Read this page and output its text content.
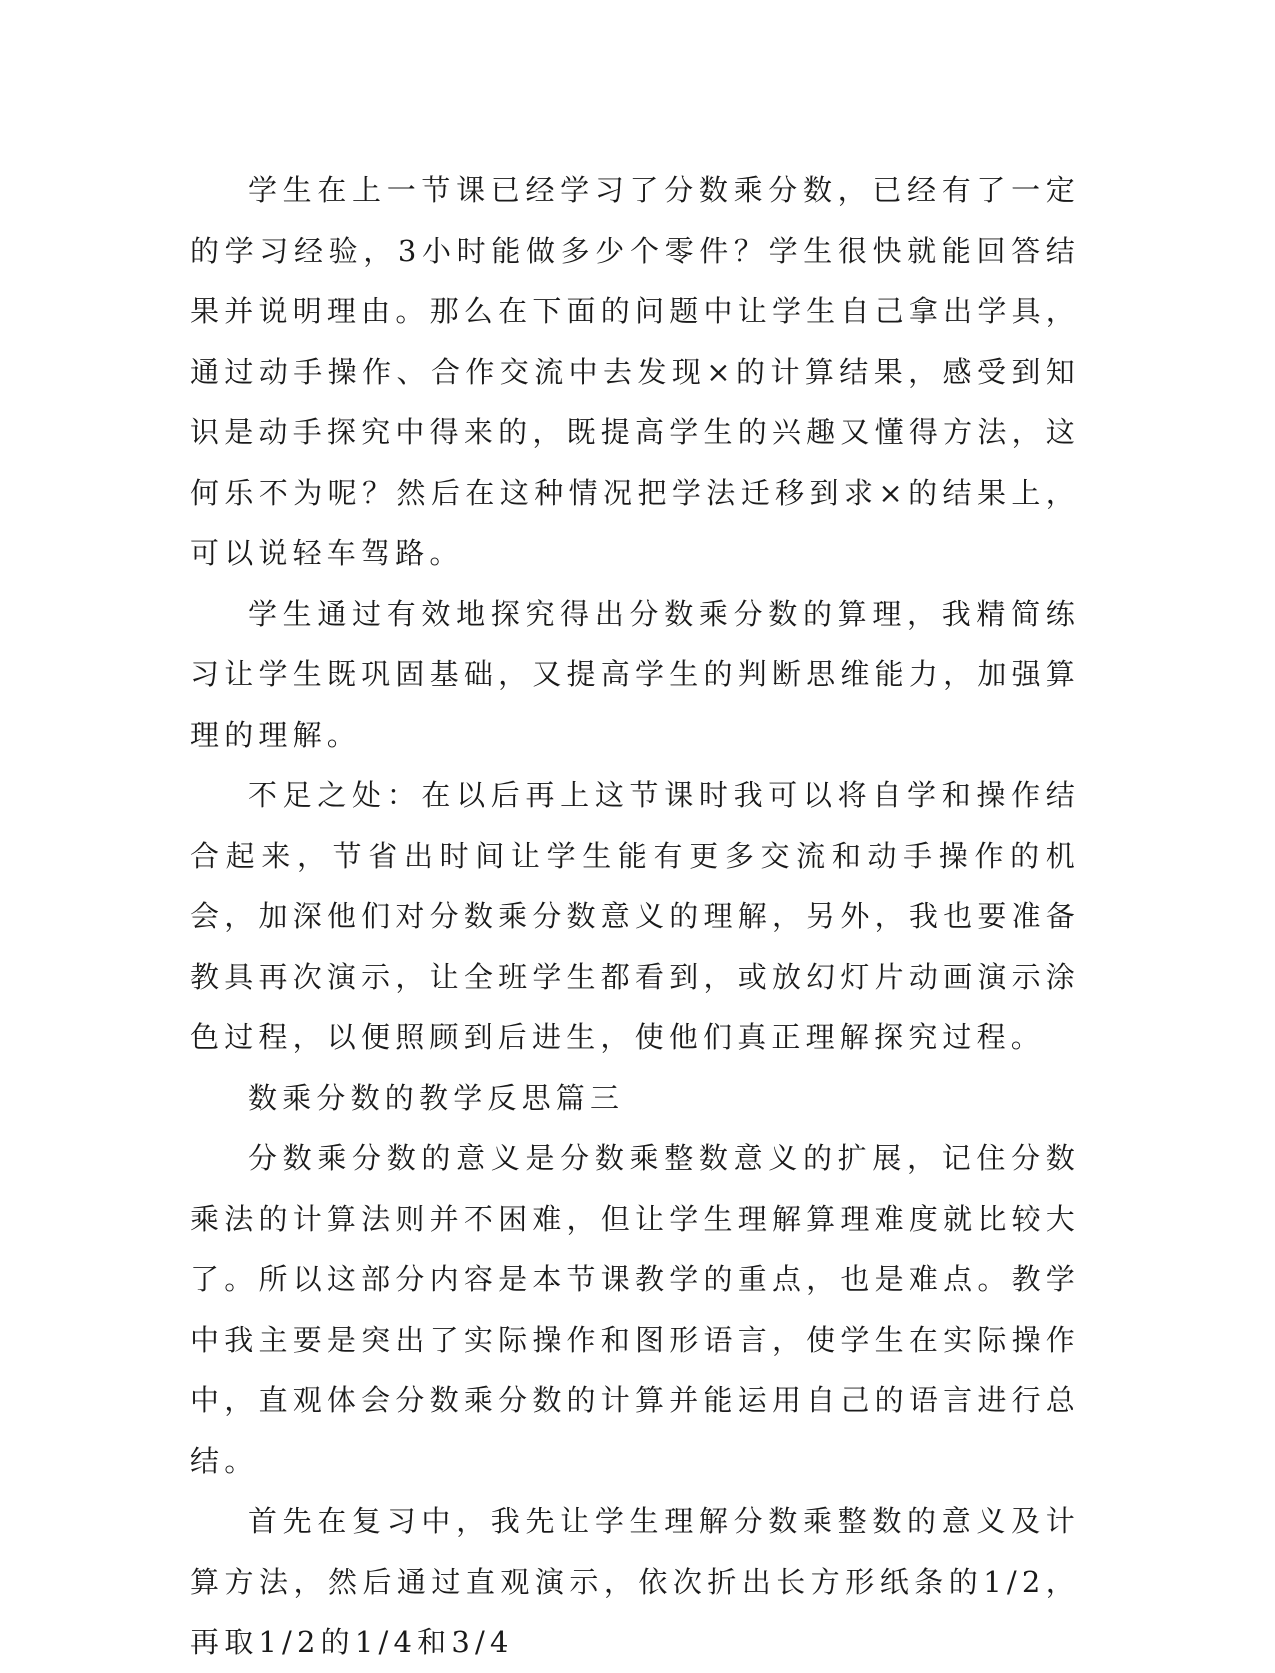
学生在上一节课已经学习了分数乘分数，已经有了一定的学习经验，3小时能做多少个零件？学生很快就能回答结果并说明理由。那么在下面的问题中让学生自己拿出学具，通过动手操作、合作交流中去发现×的计算结果，感受到知识是动手探究中得来的，既提高学生的兴趣又懂得方法，这何乐不为呢？然后在这种情况把学法迁移到求×的结果上，可以说轻车驾路。

学生通过有效地探究得出分数乘分数的算理，我精简练习让学生既巩固基础，又提高学生的判断思维能力，加强算理的理解。

不足之处：在以后再上这节课时我可以将自学和操作结合起来，节省出时间让学生能有更多交流和动手操作的机会，加深他们对分数乘分数意义的理解，另外，我也要准备教具再次演示，让全班学生都看到，或放幻灯片动画演示涂色过程，以便照顾到后进生，使他们真正理解探究过程。

数乘分数的教学反思篇三

分数乘分数的意义是分数乘整数意义的扩展，记住分数乘法的计算法则并不困难，但让学生理解算理难度就比较大了。所以这部分内容是本节课教学的重点，也是难点。教学中我主要是突出了实际操作和图形语言，使学生在实际操作中，直观体会分数乘分数的计算并能运用自己的语言进行总结。

首先在复习中，我先让学生理解分数乘整数的意义及计算方法，然后通过直观演示，依次折出长方形纸条的1/2，再取1/2的1/4和3/4
